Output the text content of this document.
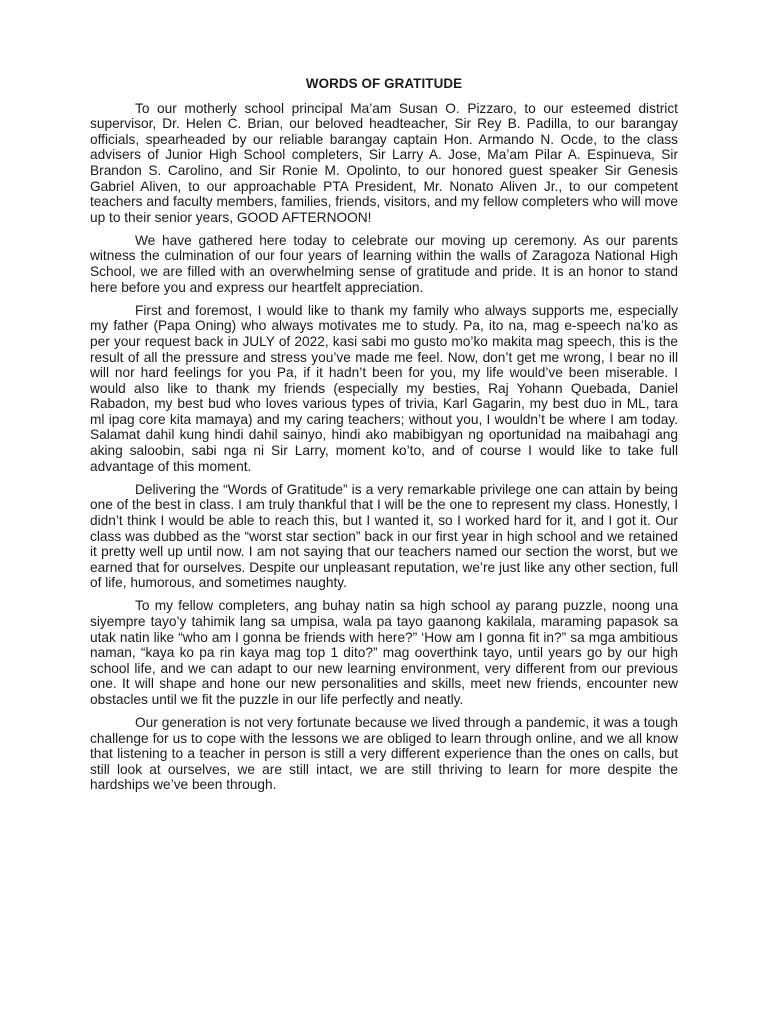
WORDS OF GRATITUDE

To our motherly school principal Ma’am Susan O. Pizzaro, to our esteemed district supervisor, Dr. Helen C. Brian, our beloved headteacher, Sir Rey B. Padilla, to our barangay officials, spearheaded by our reliable barangay captain Hon. Armando N. Ocde, to the class advisers of Junior High School completers, Sir Larry A. Jose, Ma’am Pilar A. Espinueva, Sir Brandon S. Carolino, and Sir Ronie M. Opolinto, to our honored guest speaker Sir Genesis Gabriel Aliven, to our approachable PTA President, Mr. Nonato Aliven Jr., to our competent teachers and faculty members, families, friends, visitors, and my fellow completers who will move up to their senior years, GOOD AFTERNOON!

We have gathered here today to celebrate our moving up ceremony. As our parents witness the culmination of our four years of learning within the walls of Zaragoza National High School, we are filled with an overwhelming sense of gratitude and pride. It is an honor to stand here before you and express our heartfelt appreciation.

First and foremost, I would like to thank my family who always supports me, especially my father (Papa Oning) who always motivates me to study. Pa, ito na, mag e-speech na’ko as per your request back in JULY of 2022, kasi sabi mo gusto mo’ko makita mag speech, this is the result of all the pressure and stress you’ve made me feel. Now, don’t get me wrong, I bear no ill will nor hard feelings for you Pa, if it hadn’t been for you, my life would’ve been miserable. I would also like to thank my friends (especially my besties, Raj Yohann Quebada, Daniel Rabadon, my best bud who loves various types of trivia, Karl Gagarin, my best duo in ML, tara ml ipag core kita mamaya) and my caring teachers; without you, I wouldn’t be where I am today. Salamat dahil kung hindi dahil sainyo, hindi ako mabibigyan ng oportunidad na maibahagi ang aking saloobin, sabi nga ni Sir Larry, moment ko’to, and of course I would like to take full advantage of this moment.

Delivering the “Words of Gratitude” is a very remarkable privilege one can attain by being one of the best in class. I am truly thankful that I will be the one to represent my class. Honestly, I didn’t think I would be able to reach this, but I wanted it, so I worked hard for it, and I got it. Our class was dubbed as the “worst star section” back in our first year in high school and we retained it pretty well up until now. I am not saying that our teachers named our section the worst, but we earned that for ourselves. Despite our unpleasant reputation, we’re just like any other section, full of life, humorous, and sometimes naughty.

To my fellow completers, ang buhay natin sa high school ay parang puzzle, noong una siyempre tayo’y tahimik lang sa umpisa, wala pa tayo gaanong kakilala, maraming papasok sa utak natin like “who am I gonna be friends with here?” ‘How am I gonna fit in?” sa mga ambitious naman, “kaya ko pa rin kaya mag top 1 dito?” mag ooverthink tayo, until years go by our high school life, and we can adapt to our new learning environment, very different from our previous one. It will shape and hone our new personalities and skills, meet new friends, encounter new obstacles until we fit the puzzle in our life perfectly and neatly.

Our generation is not very fortunate because we lived through a pandemic, it was a tough challenge for us to cope with the lessons we are obliged to learn through online, and we all know that listening to a teacher in person is still a very different experience than the ones on calls, but still look at ourselves, we are still intact, we are still thriving to learn for more despite the hardships we’ve been through.
